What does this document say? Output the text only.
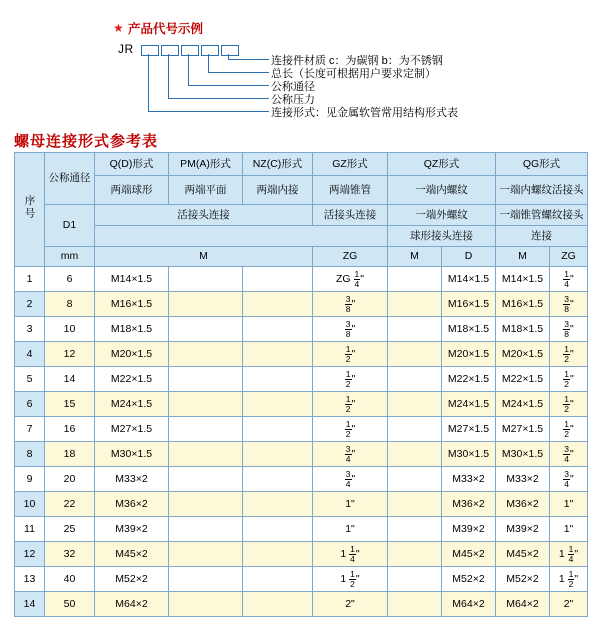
★ 产品代号示例
JR
连接件材质 c：为碳钢 b：为不锈钢
总长（长度可根据用户要求定制）
公称通径
公称压力
连接形式：见金属软管常用结构形式表
螺母连接形式参考表
序号	公称通径	Q(D)形式	PM(A)形式	NZ(C)形式	GZ形式	QZ形式		QG形式	
		两端球形	两端平面	两端内接	两端锥管	一端内螺纹		一端内螺纹活接头	
	D1	活接头连接			活接头连接	一端外螺纹		一端锥管螺纹接头	
						球形接头连接		连接	
	mm	M			ZG	M	D	M	ZG
1	6	M14×1.5			ZG $\frac{1}{4}$ "		M14×1.5	M14×1.5	$\frac{1}{4}$ "
2	8	M16×1.5			$\frac{3}{8}$ "		M16×1.5	M16×1.5	$\frac{3}{8}$ "
3	10	M18×1.5			$\frac{3}{8}$ "		M18×1.5	M18×1.5	$\frac{3}{8}$ "
4	12	M20×1.5			$\frac{1}{2}$ "		M20×1.5	M20×1.5	$\frac{1}{2}$ "
5	14	M22×1.5			$\frac{1}{2}$ "		M22×1.5	M22×1.5	$\frac{1}{2}$ "
6	15	M24×1.5			$\frac{1}{2}$ "		M24×1.5	M24×1.5	$\frac{1}{2}$ "
7	16	M27×1.5			$\frac{1}{2}$ "		M27×1.5	M27×1.5	$\frac{1}{2}$ "
8	18	M30×1.5			$\frac{3}{4}$ "		M30×1.5	M30×1.5	$\frac{3}{4}$ "
9	20	M33×2			$\frac{3}{4}$ "		M33×2	M33×2	$\frac{3}{4}$ "
10	22	M36×2			1"		M36×2	M36×2	1"
11	25	M39×2			1"		M39×2	M39×2	1"
12	32	M45×2			$1 \frac{1}{4}$ "		M45×2	M45×2	$1 \frac{1}{4}$ "
13	40	M52×2			$1 \frac{1}{2}$ "		M52×2	M52×2	$1 \frac{1}{2}$ "
14	50	M64×2			2"		M64×2	M64×2	2"
